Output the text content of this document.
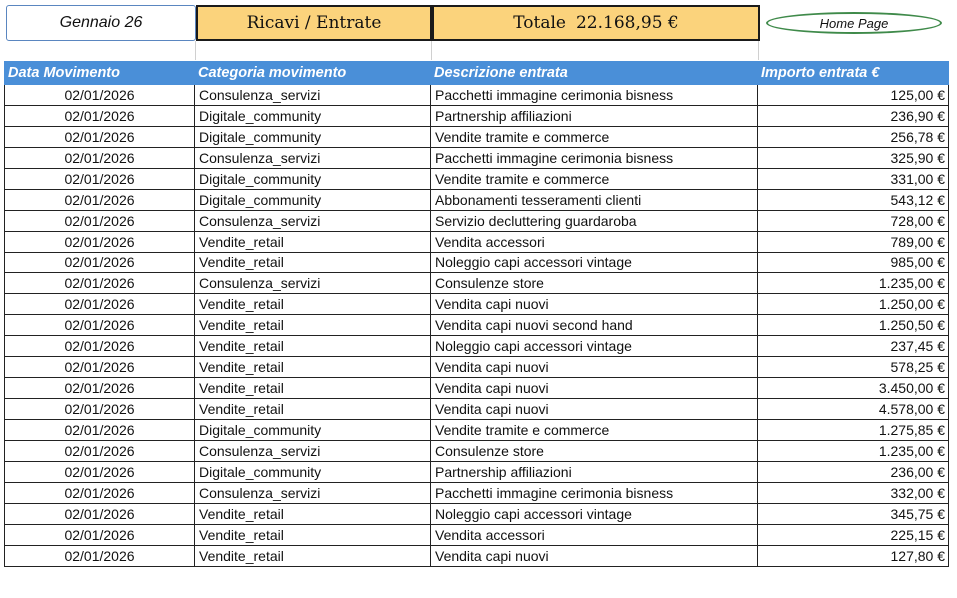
Gennaio 26	Ricavi / Entrate	Totale 22.168,95 €	Home Page
Data Movimento	Categoria movimento	Descrizione entrata	Importo entrata €
02/01/2026	Consulenza_servizi	Pacchetti immagine cerimonia bisness	125,00 €
02/01/2026	Digitale_community	Partnership affiliazioni	236,90 €
02/01/2026	Digitale_community	Vendite tramite e commerce	256,78 €
02/01/2026	Consulenza_servizi	Pacchetti immagine cerimonia bisness	325,90 €
02/01/2026	Digitale_community	Vendite tramite e commerce	331,00 €
02/01/2026	Digitale_community	Abbonamenti tesseramenti clienti	543,12 €
02/01/2026	Consulenza_servizi	Servizio decluttering guardaroba	728,00 €
02/01/2026	Vendite_retail	Vendita accessori	789,00 €
02/01/2026	Vendite_retail	Noleggio capi accessori vintage	985,00 €
02/01/2026	Consulenza_servizi	Consulenze store	1.235,00 €
02/01/2026	Vendite_retail	Vendita capi nuovi	1.250,00 €
02/01/2026	Vendite_retail	Vendita capi nuovi second hand	1.250,50 €
02/01/2026	Vendite_retail	Noleggio capi accessori vintage	237,45 €
02/01/2026	Vendite_retail	Vendita capi nuovi	578,25 €
02/01/2026	Vendite_retail	Vendita capi nuovi	3.450,00 €
02/01/2026	Vendite_retail	Vendita capi nuovi	4.578,00 €
02/01/2026	Digitale_community	Vendite tramite e commerce	1.275,85 €
02/01/2026	Consulenza_servizi	Consulenze store	1.235,00 €
02/01/2026	Digitale_community	Partnership affiliazioni	236,00 €
02/01/2026	Consulenza_servizi	Pacchetti immagine cerimonia bisness	332,00 €
02/01/2026	Vendite_retail	Noleggio capi accessori vintage	345,75 €
02/01/2026	Vendite_retail	Vendita accessori	225,15 €
02/01/2026	Vendite_retail	Vendita capi nuovi	127,80 €
